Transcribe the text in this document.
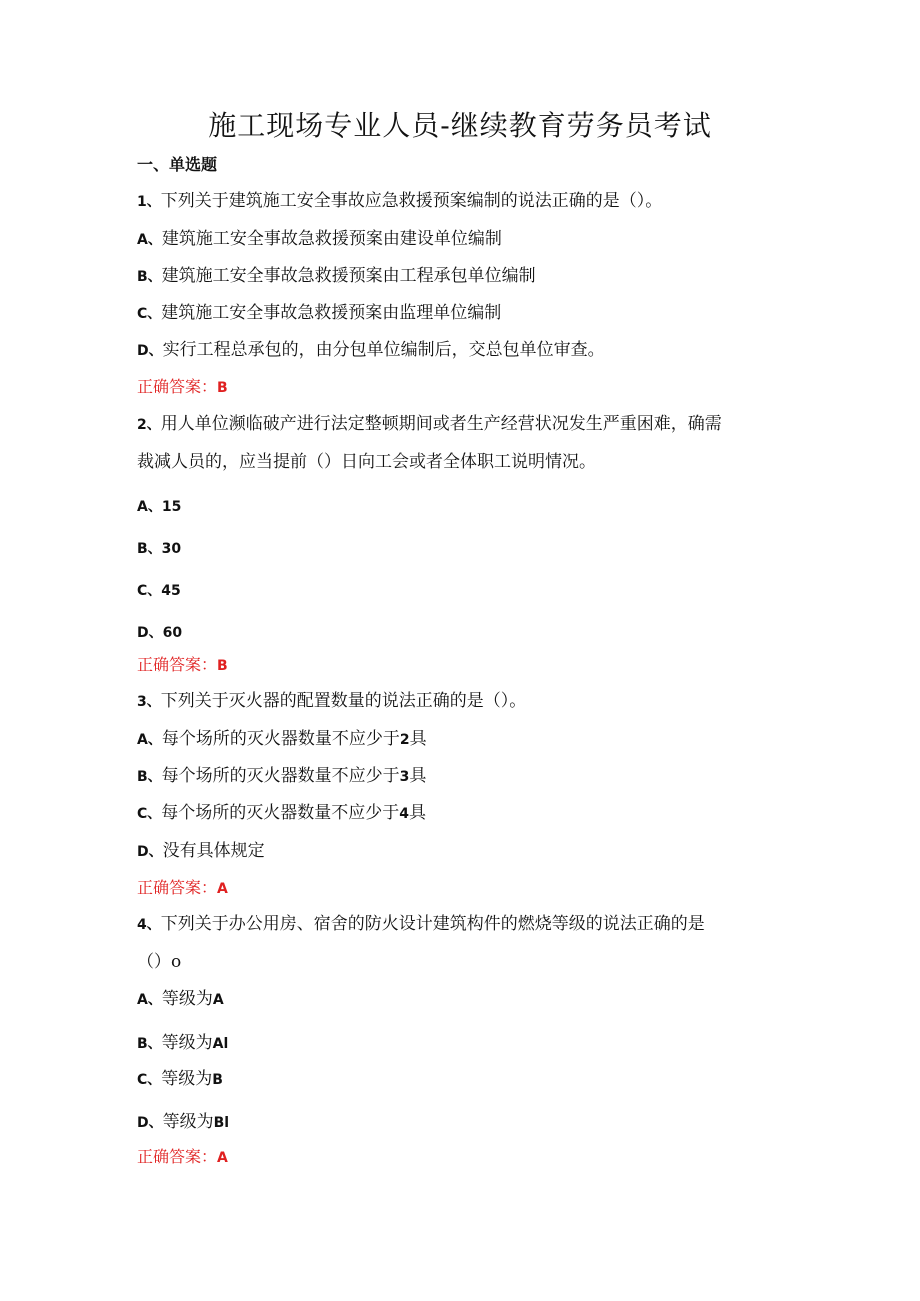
施工现场专业人员-继续教育劳务员考试
一、单选题
1、下列关于建筑施工安全事故应急救援预案编制的说法正确的是（）。
A、建筑施工安全事故急救援预案由建设单位编制
B、建筑施工安全事故急救援预案由工程承包单位编制
C、建筑施工安全事故急救援预案由监理单位编制
D、实行工程总承包的，由分包单位编制后，交总包单位审查。
正确答案：B
2、用人单位濒临破产进行法定整顿期间或者生产经营状况发生严重困难，确需
裁减人员的，应当提前（）日向工会或者全体职工说明情况。
A、15
B、30
C、45
D、60
正确答案：B
3、下列关于灭火器的配置数量的说法正确的是（）。
A、每个场所的灭火器数量不应少于2具
B、每个场所的灭火器数量不应少于3具
C、每个场所的灭火器数量不应少于4具
D、没有具体规定
正确答案：A
4、下列关于办公用房、宿舍的防火设计建筑构件的燃烧等级的说法正确的是
（）o
A、等级为A
B、等级为Al
C、等级为B
D、等级为Bl
正确答案：A
